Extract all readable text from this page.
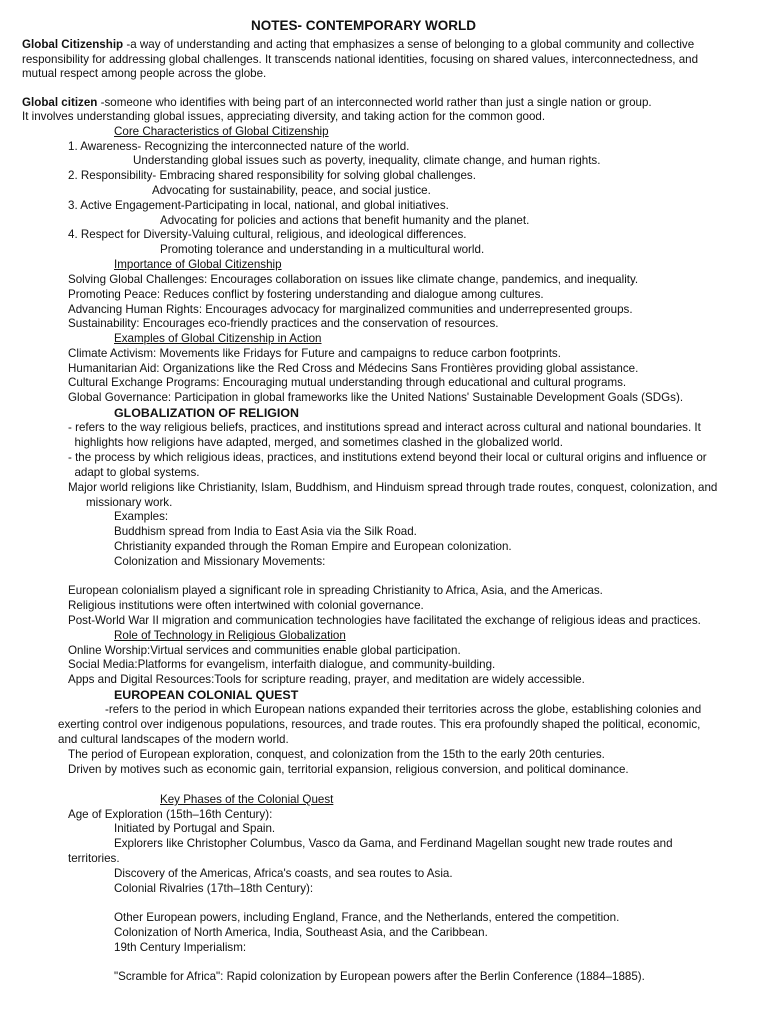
NOTES- CONTEMPORARY WORLD
Global Citizenship -a way of understanding and acting that emphasizes a sense of belonging to a global community and collective
responsibility for addressing global challenges. It transcends national identities, focusing on shared values, interconnectedness, and
mutual respect among people across the globe.
Global citizen -someone who identifies with being part of an interconnected world rather than just a single nation or group.
It involves understanding global issues, appreciating diversity, and taking action for the common good.
Core Characteristics of Global Citizenship
1. Awareness- Recognizing the interconnected nature of the world.
Understanding global issues such as poverty, inequality, climate change, and human rights.
2. Responsibility- Embracing shared responsibility for solving global challenges.
Advocating for sustainability, peace, and social justice.
3. Active Engagement-Participating in local, national, and global initiatives.
Advocating for policies and actions that benefit humanity and the planet.
4. Respect for Diversity-Valuing cultural, religious, and ideological differences.
Promoting tolerance and understanding in a multicultural world.
Importance of Global Citizenship
Solving Global Challenges: Encourages collaboration on issues like climate change, pandemics, and inequality.
Promoting Peace: Reduces conflict by fostering understanding and dialogue among cultures.
Advancing Human Rights: Encourages advocacy for marginalized communities and underrepresented groups.
Sustainability: Encourages eco-friendly practices and the conservation of resources.
Examples of Global Citizenship in Action
Climate Activism: Movements like Fridays for Future and campaigns to reduce carbon footprints.
Humanitarian Aid: Organizations like the Red Cross and Médecins Sans Frontières providing global assistance.
Cultural Exchange Programs: Encouraging mutual understanding through educational and cultural programs.
Global Governance: Participation in global frameworks like the United Nations' Sustainable Development Goals (SDGs).
GLOBALIZATION OF RELIGION
- refers to the way religious beliefs, practices, and institutions spread and interact across cultural and national boundaries. It
highlights how religions have adapted, merged, and sometimes clashed in the globalized world.
- the process by which religious ideas, practices, and institutions extend beyond their local or cultural origins and influence or
adapt to global systems.
Major world religions like Christianity, Islam, Buddhism, and Hinduism spread through trade routes, conquest, colonization, and
missionary work.
Examples:
Buddhism spread from India to East Asia via the Silk Road.
Christianity expanded through the Roman Empire and European colonization.
Colonization and Missionary Movements:
European colonialism played a significant role in spreading Christianity to Africa, Asia, and the Americas.
Religious institutions were often intertwined with colonial governance.
Post-World War II migration and communication technologies have facilitated the exchange of religious ideas and practices.
Role of Technology in Religious Globalization
Online Worship:Virtual services and communities enable global participation.
Social Media:Platforms for evangelism, interfaith dialogue, and community-building.
Apps and Digital Resources:Tools for scripture reading, prayer, and meditation are widely accessible.
EUROPEAN COLONIAL QUEST
-refers to the period in which European nations expanded their territories across the globe, establishing colonies and
exerting control over indigenous populations, resources, and trade routes. This era profoundly shaped the political, economic,
and cultural landscapes of the modern world.
The period of European exploration, conquest, and colonization from the 15th to the early 20th centuries.
Driven by motives such as economic gain, territorial expansion, religious conversion, and political dominance.
Key Phases of the Colonial Quest
Age of Exploration (15th–16th Century):
Initiated by Portugal and Spain.
Explorers like Christopher Columbus, Vasco da Gama, and Ferdinand Magellan sought new trade routes and
territories.
Discovery of the Americas, Africa's coasts, and sea routes to Asia.
Colonial Rivalries (17th–18th Century):
Other European powers, including England, France, and the Netherlands, entered the competition.
Colonization of North America, India, Southeast Asia, and the Caribbean.
19th Century Imperialism:
"Scramble for Africa": Rapid colonization by European powers after the Berlin Conference (1884–1885).
